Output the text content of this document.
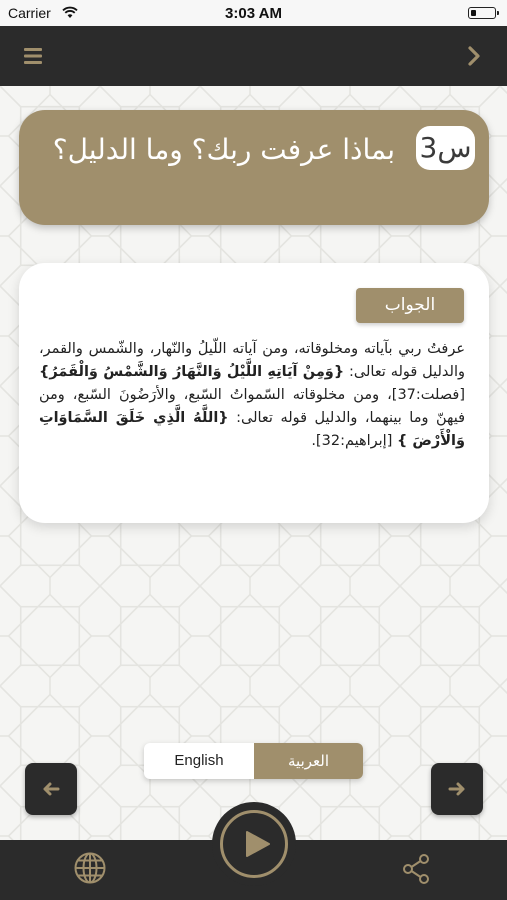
Carrier	3:03 AM
س3
بماذا عرفت ربك؟ وما الدليل؟
الجواب
عرفتُ ربي بآياته ومخلوقاته، ومن آياته اللّيلُ والنّهار، والشّمس والقمر، والدليل قوله تعالى: {وَمِنْ آيَاتِهِ اللَّيْلُ وَالنَّهَارُ وَالشَّمْسُ وَالْقَمَرُ} [فصلت:37]، ومن مخلوقاته السّمواتُ السّبع، والأرَضُونَ السّبع، ومن فيهنّ وما بينهما، والدليل قوله تعالى: {اللَّهُ الَّذِي خَلَقَ السَّمَاوَاتِ وَالْأَرْضَ } [إبراهيم:32].
English	العربية
